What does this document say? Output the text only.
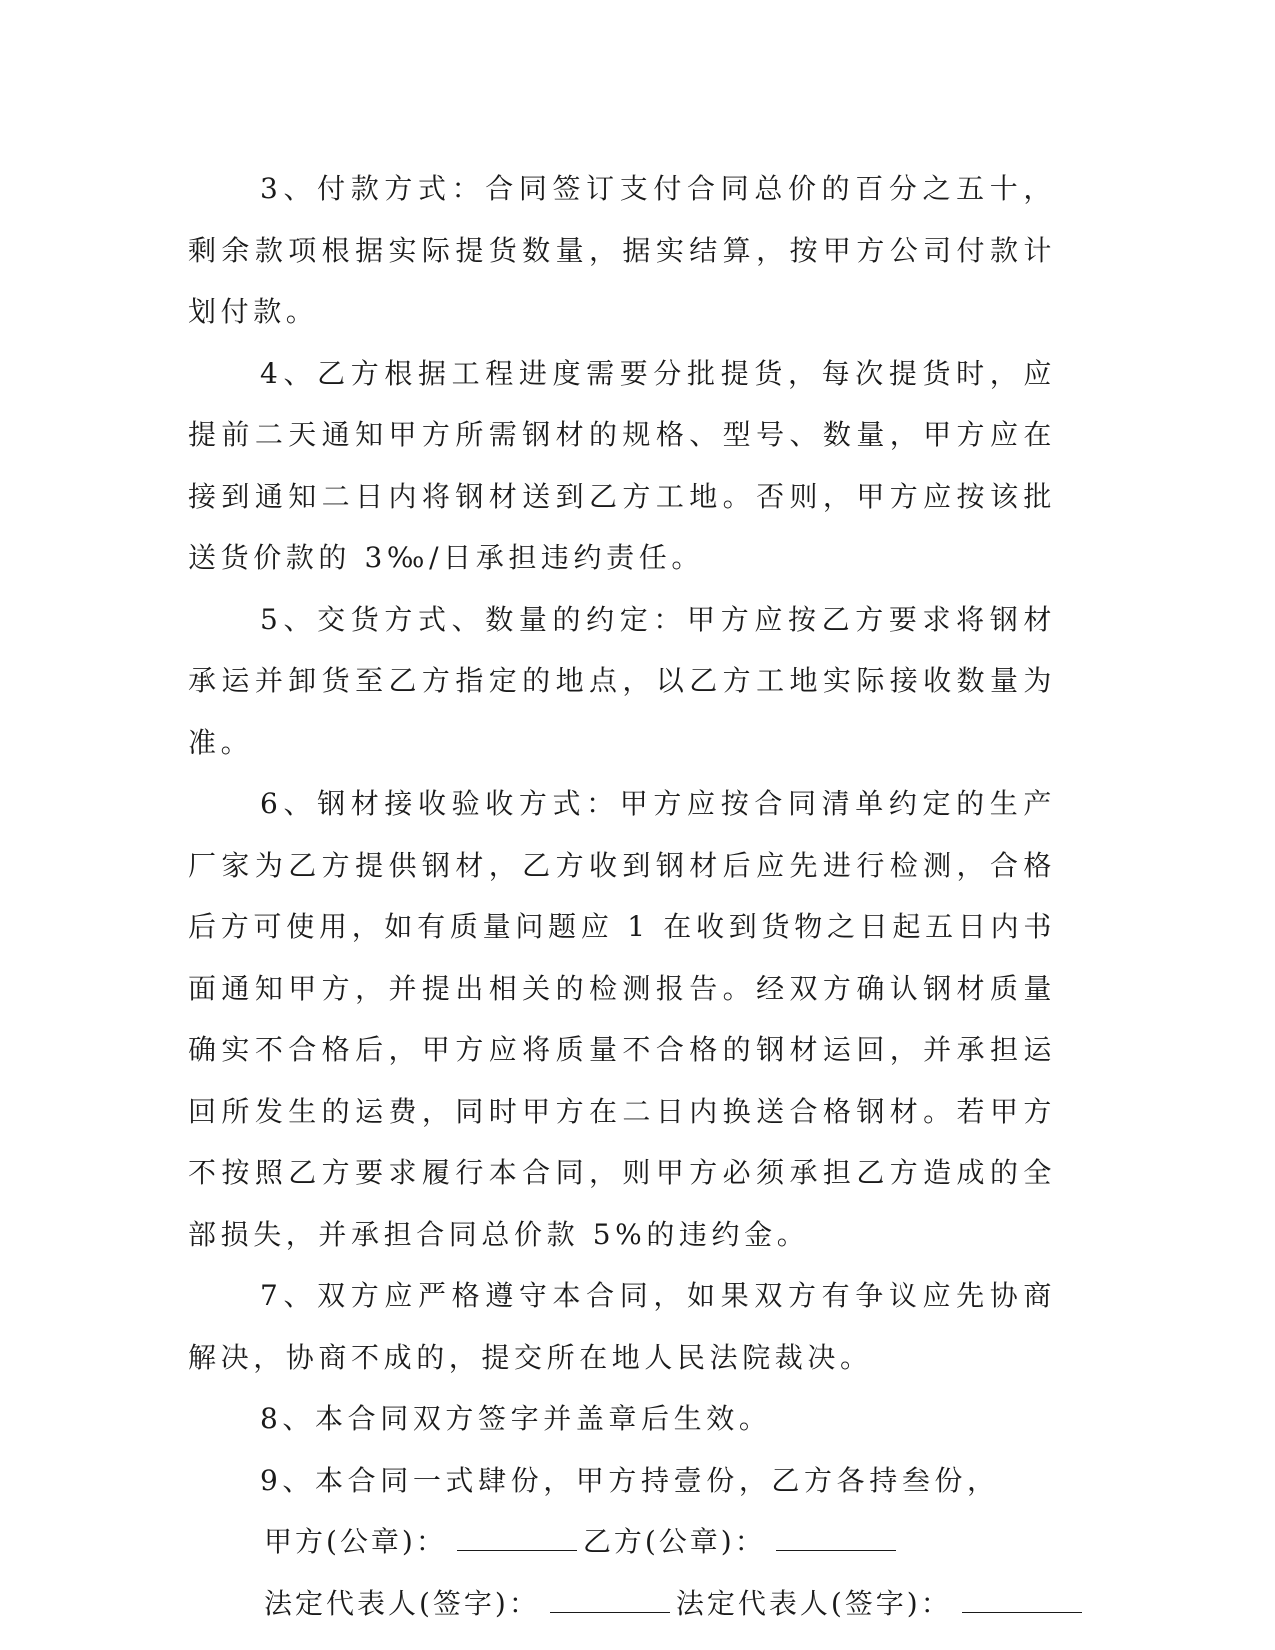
3、付款方式：合同签订支付合同总价的百分之五十，剩余款项根据实际提货数量，据实结算，按甲方公司付款计划付款。

4、乙方根据工程进度需要分批提货，每次提货时，应提前二天通知甲方所需钢材的规格、型号、数量，甲方应在接到通知二日内将钢材送到乙方工地。否则，甲方应按该批送货价款的 3‰/日承担违约责任。

5、交货方式、数量的约定：甲方应按乙方要求将钢材承运并卸货至乙方指定的地点，以乙方工地实际接收数量为准。

6、钢材接收验收方式：甲方应按合同清单约定的生产厂家为乙方提供钢材，乙方收到钢材后应先进行检测，合格后方可使用，如有质量问题应 1 在收到货物之日起五日内书面通知甲方，并提出相关的检测报告。经双方确认钢材质量确实不合格后，甲方应将质量不合格的钢材运回，并承担运回所发生的运费，同时甲方在二日内换送合格钢材。若甲方不按照乙方要求履行本合同，则甲方必须承担乙方造成的全部损失，并承担合同总价款 5%的违约金。

7、双方应严格遵守本合同，如果双方有争议应先协商解决，协商不成的，提交所在地人民法院裁决。

8、本合同双方签字并盖章后生效。

9、本合同一式肆份，甲方持壹份，乙方各持叁份，

甲方(公章)：	乙方(公章)：
法定代表人(签字)：	法定代表人(签字)：
